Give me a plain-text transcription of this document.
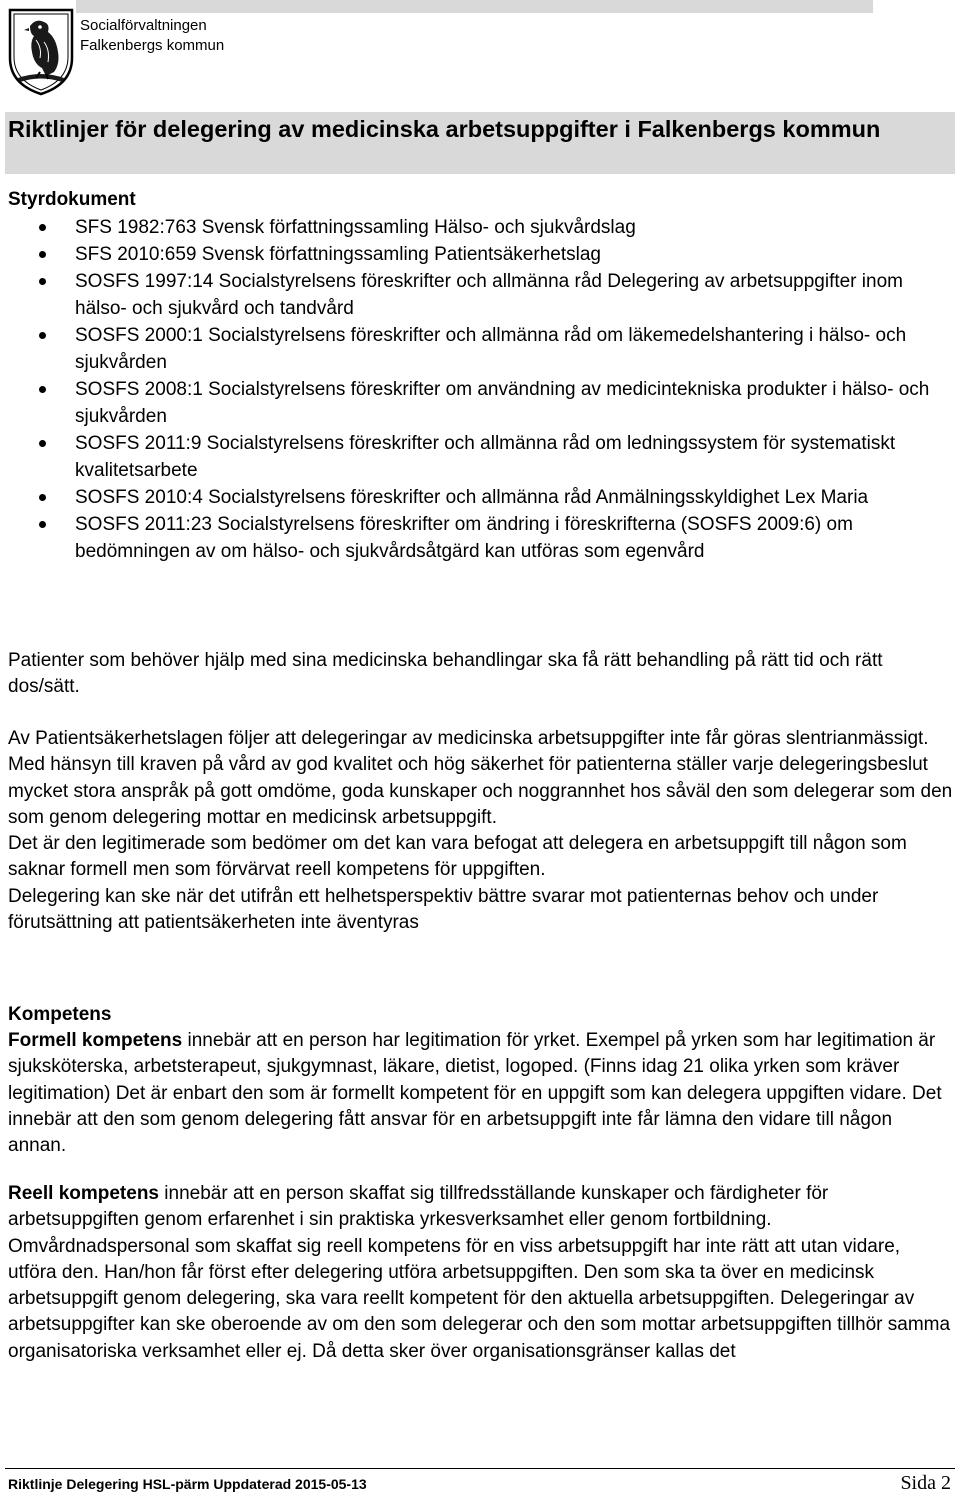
Socialförvaltningen
Falkenbergs kommun
Riktlinjer för delegering av medicinska arbetsuppgifter i Falkenbergs kommun
Styrdokument
SFS 1982:763 Svensk författningssamling Hälso- och sjukvårdslag
SFS 2010:659 Svensk författningssamling Patientsäkerhetslag
SOSFS 1997:14 Socialstyrelsens föreskrifter och allmänna råd Delegering av arbetsuppgifter inom hälso- och sjukvård och tandvård
SOSFS 2000:1 Socialstyrelsens föreskrifter och allmänna råd om läkemedelshantering i hälso- och sjukvården
SOSFS 2008:1 Socialstyrelsens föreskrifter om användning av medicintekniska produkter i hälso- och sjukvården
SOSFS 2011:9 Socialstyrelsens föreskrifter och allmänna råd om ledningssystem för systematiskt kvalitetsarbete
SOSFS 2010:4 Socialstyrelsens föreskrifter och allmänna råd Anmälningsskyldighet Lex Maria
SOSFS 2011:23 Socialstyrelsens föreskrifter om ändring i föreskrifterna (SOSFS 2009:6) om bedömningen av om hälso- och sjukvårdsåtgärd kan utföras som egenvård

Patienter som behöver hjälp med sina medicinska behandlingar ska få rätt behandling på rätt tid och rätt dos/sätt.

Av Patientsäkerhetslagen följer att delegeringar av medicinska arbetsuppgifter inte får göras slentrianmässigt. Med hänsyn till kraven på vård av god kvalitet och hög säkerhet för patienterna ställer varje delegeringsbeslut mycket stora anspråk på gott omdöme, goda kunskaper och noggrannhet hos såväl den som delegerar som den som genom delegering mottar en medicinsk arbetsuppgift.
Det är den legitimerade som bedömer om det kan vara befogat att delegera en arbetsuppgift till någon som saknar formell men som förvärvat reell kompetens för uppgiften.
Delegering kan ske när det utifrån ett helhetsperspektiv bättre svarar mot patienternas behov och under förutsättning att patientsäkerheten inte äventyras
Kompetens

Formell kompetens innebär att en person har legitimation för yrket. Exempel på yrken som har legitimation är sjuksköterska, arbetsterapeut, sjukgymnast, läkare, dietist, logoped. (Finns idag 21 olika yrken som kräver legitimation) Det är enbart den som är formellt kompetent för en uppgift som kan delegera uppgiften vidare. Det innebär att den som genom delegering fått ansvar för en arbetsuppgift inte får lämna den vidare till någon annan.

Reell kompetens innebär att en person skaffat sig tillfredsställande kunskaper och färdigheter för arbetsuppgiften genom erfarenhet i sin praktiska yrkesverksamhet eller genom fortbildning. Omvårdnadspersonal som skaffat sig reell kompetens för en viss arbetsuppgift har inte rätt att utan vidare, utföra den. Han/hon får först efter delegering utföra arbetsuppgiften. Den som ska ta över en medicinsk arbetsuppgift genom delegering, ska vara reellt kompetent för den aktuella arbetsuppgiften. Delegeringar av arbetsuppgifter kan ske oberoende av om den som delegerar och den som mottar arbetsuppgiften tillhör samma organisatoriska verksamhet eller ej. Då detta sker över organisationsgränser kallas det

Riktlinje Delegering HSL-pärm Uppdaterad 2015-05-13	Sida 2
